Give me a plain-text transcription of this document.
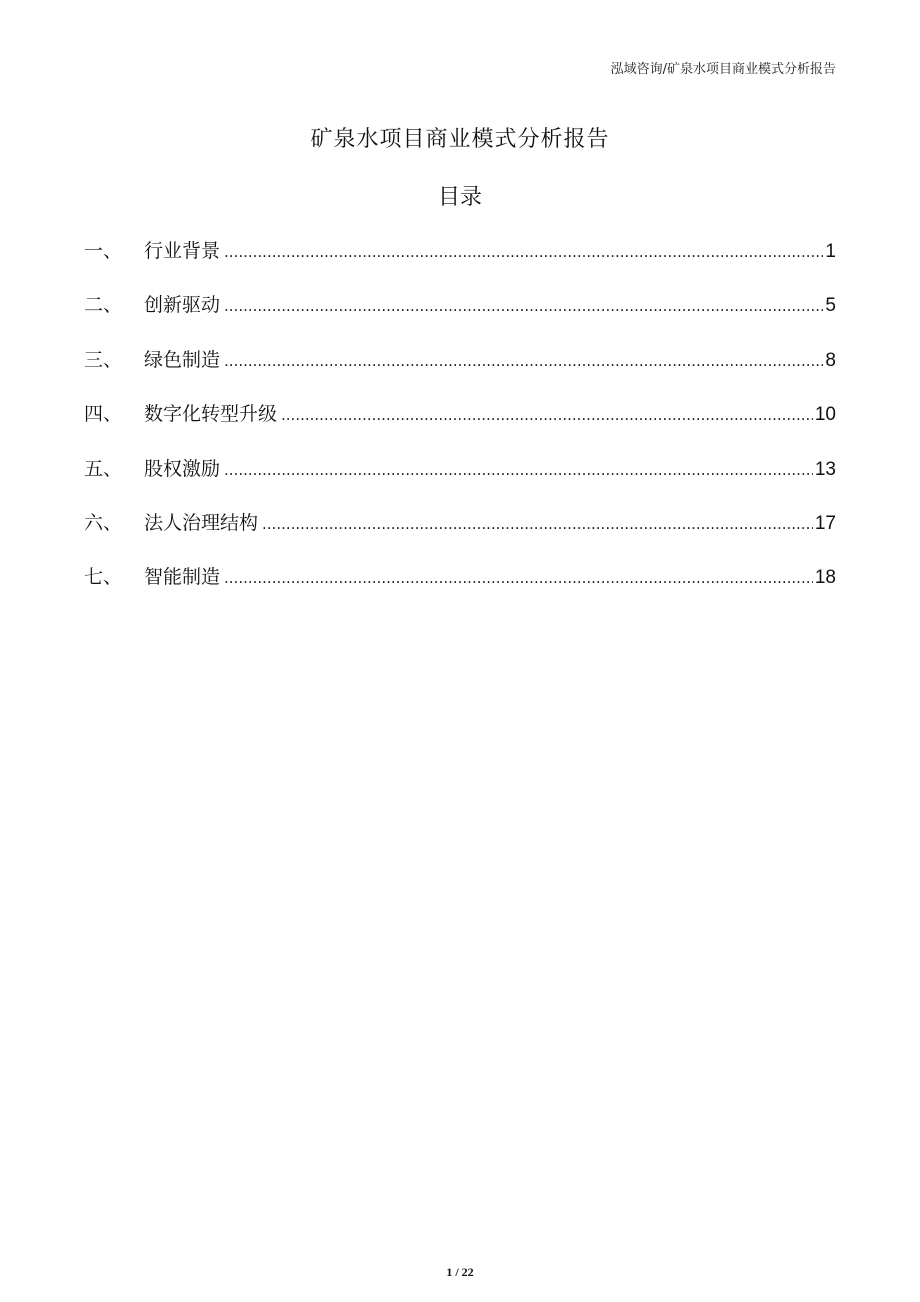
泓域咨询/矿泉水项目商业模式分析报告
矿泉水项目商业模式分析报告
目录
一、	行业背景 .....	1
二、	创新驱动 .....	5
三、	绿色制造 .....	8
四、	数字化转型升级 .....	10
五、	股权激励 .....	13
六、	法人治理结构 .....	17
七、	智能制造 .....	18
1 / 22
